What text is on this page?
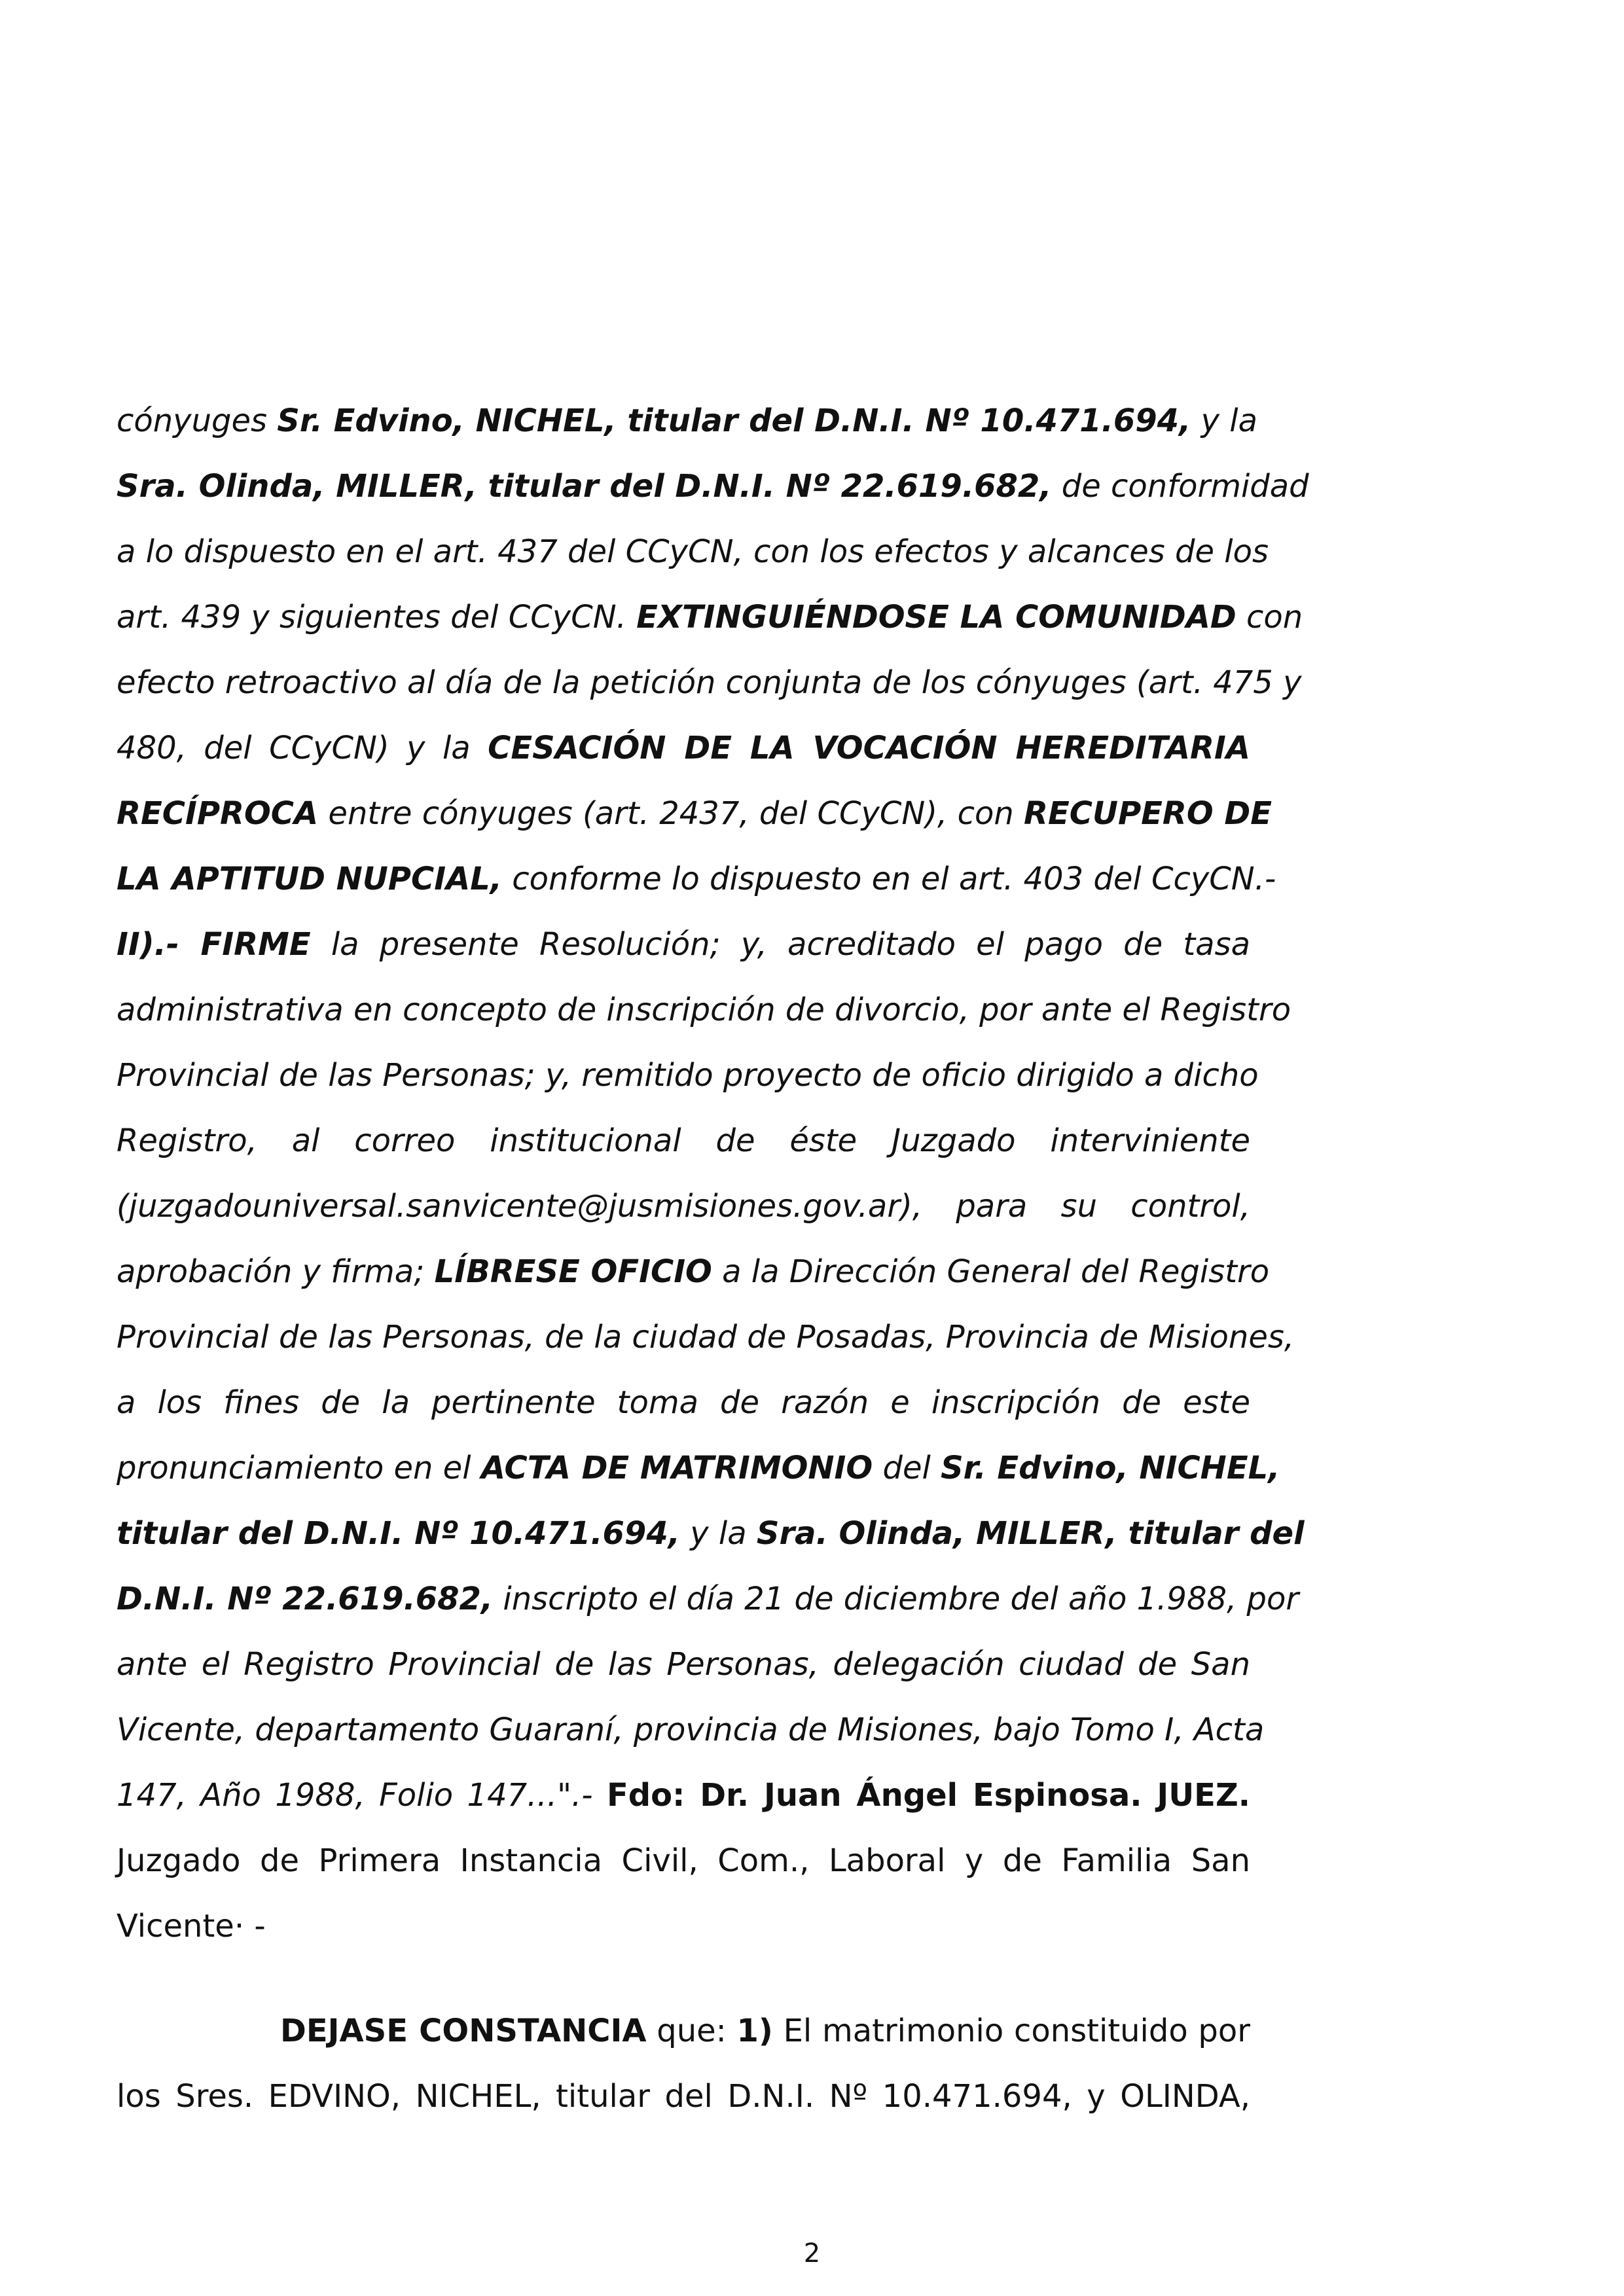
cónyuges Sr. Edvino, NICHEL, titular del D.N.I. Nº 10.471.694, y la
Sra. Olinda, MILLER, titular del D.N.I. Nº 22.619.682, de conformidad
a lo dispuesto en el art. 437 del CCyCN, con los efectos y alcances de los
art. 439 y siguientes del CCyCN. EXTINGUIÉNDOSE LA COMUNIDAD con
efecto retroactivo al día de la petición conjunta de los cónyuges (art. 475 y
480, del CCyCN) y la CESACIÓN DE LA VOCACIÓN HEREDITARIA
RECÍPROCA entre cónyuges (art. 2437, del CCyCN), con RECUPERO DE
LA APTITUD NUPCIAL, conforme lo dispuesto en el art. 403 del CcyCN.-
II).- FIRME la presente Resolución; y, acreditado el pago de tasa
administrativa en concepto de inscripción de divorcio, por ante el Registro
Provincial de las Personas; y, remitido proyecto de oficio dirigido a dicho
Registro, al correo institucional de éste Juzgado interviniente
(juzgadouniversal.sanvicente@jusmisiones.gov.ar), para su control,
aprobación y firma; LÍBRESE OFICIO a la Dirección General del Registro
Provincial de las Personas, de la ciudad de Posadas, Provincia de Misiones,
a los fines de la pertinente toma de razón e inscripción de este
pronunciamiento en el ACTA DE MATRIMONIO del Sr. Edvino, NICHEL,
titular del D.N.I. Nº 10.471.694, y la Sra. Olinda, MILLER, titular del
D.N.I. Nº 22.619.682, inscripto el día 21 de diciembre del año 1.988, por
ante el Registro Provincial de las Personas, delegación ciudad de San
Vicente, departamento Guaraní, provincia de Misiones, bajo Tomo I, Acta
147, Año 1988, Folio 147...".- Fdo: Dr. Juan Ángel Espinosa. JUEZ.
Juzgado de Primera Instancia Civil, Com., Laboral y de Familia San
Vicente· -
DEJASE CONSTANCIA que: 1) El matrimonio constituido por
los Sres. EDVINO, NICHEL, titular del D.N.I. Nº 10.471.694, y OLINDA,
2
